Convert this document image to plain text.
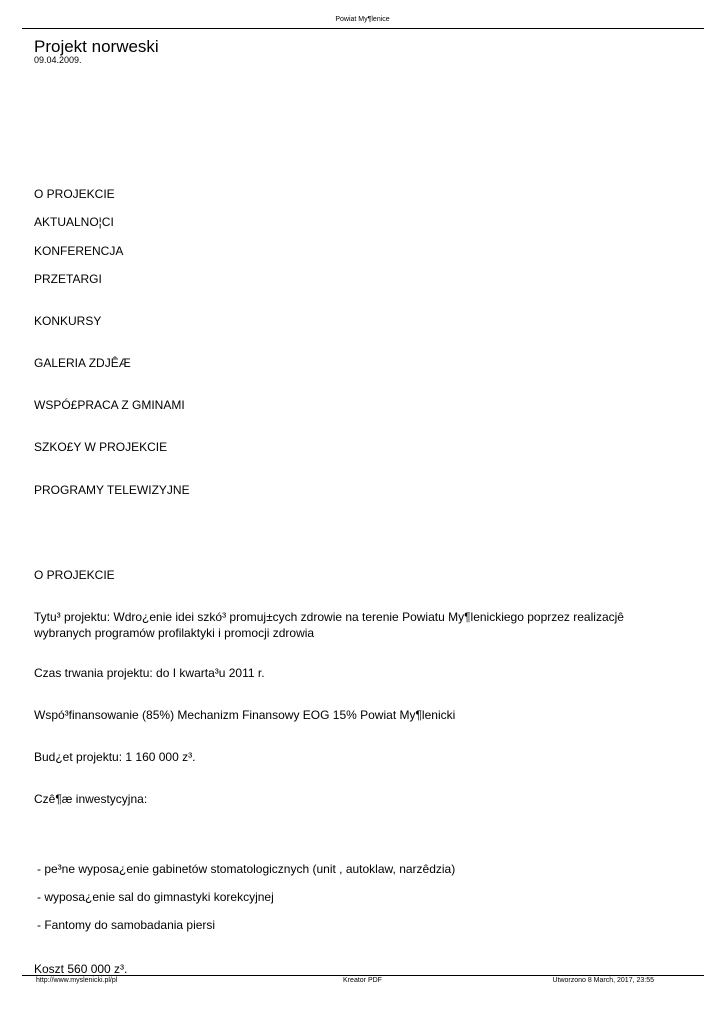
Powiat My¶lenice
Projekt norweski
09.04.2009.
O PROJEKCIE
AKTUALNO¦CI
KONFERENCJA
PRZETARGI
KONKURSY
GALERIA ZDJÊÆ
WSPÓ£PRACA Z GMINAMI
SZKO£Y W PROJEKCIE
PROGRAMY TELEWIZYJNE
O PROJEKCIE
Tytu³ projektu: Wdro¿enie idei szkó³ promuj±cych zdrowie na terenie Powiatu My¶lenickiego poprzez realizacjê
wybranych programów profilaktyki i promocji zdrowia
Czas trwania projektu: do I kwarta³u 2011 r.
Wspó³finansowanie (85%) Mechanizm Finansowy EOG 15% Powiat My¶lenicki
Bud¿et projektu: 1 160 000 z³.
Czê¶æ inwestycyjna:
- pe³ne wyposa¿enie gabinetów stomatologicznych (unit , autoklaw, narzêdzia)
- wyposa¿enie sal do gimnastyki korekcyjnej
- Fantomy do samobadania piersi
Koszt 560 000 z³.
http://www.myslenicki.pl/pl	Kreator PDF	Utworzono 8 March, 2017, 23:55
